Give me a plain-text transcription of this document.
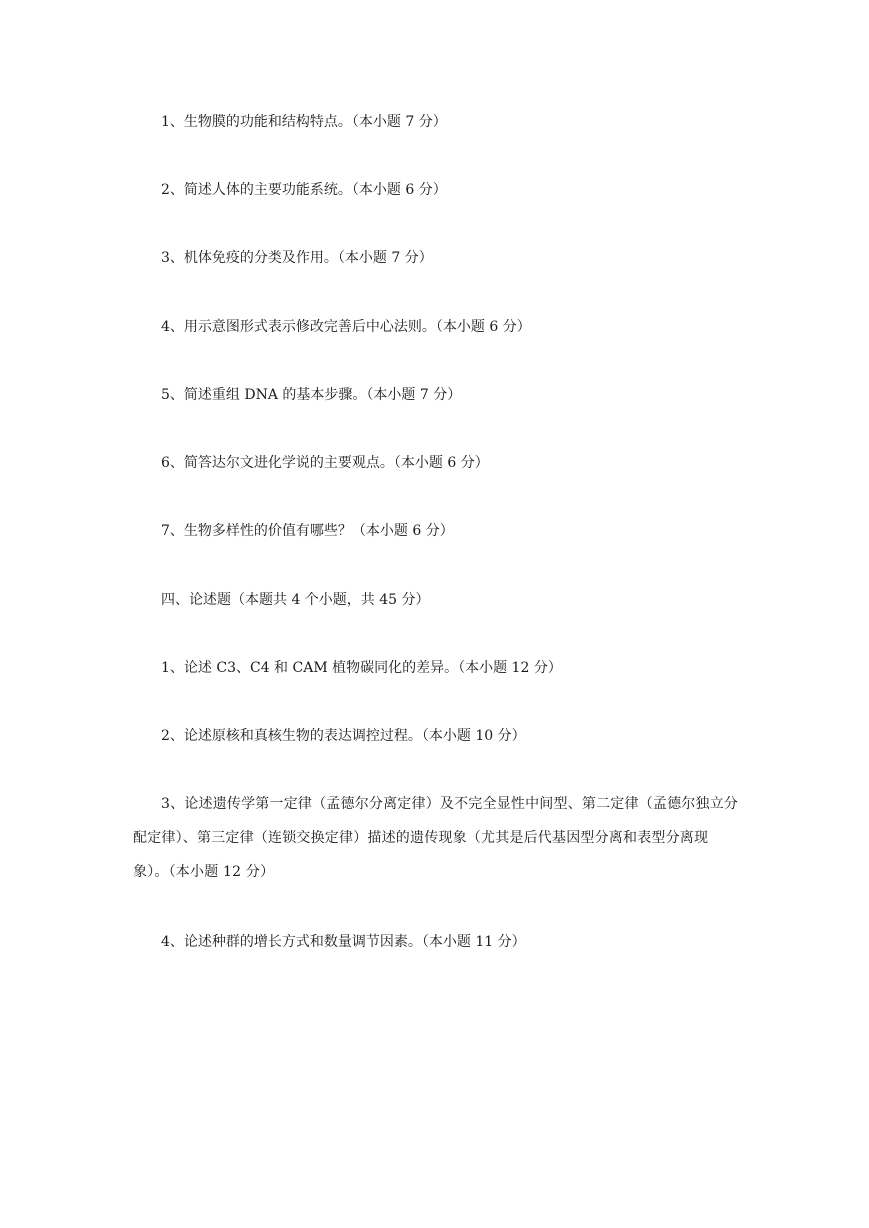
1、生物膜的功能和结构特点。（本小题 7 分）
2、简述人体的主要功能系统。（本小题 6 分）
3、机体免疫的分类及作用。（本小题 7 分）
4、用示意图形式表示修改完善后中心法则。（本小题 6 分）
5、简述重组 DNA 的基本步骤。（本小题 7 分）
6、简答达尔文进化学说的主要观点。（本小题 6 分）
7、生物多样性的价值有哪些？（本小题 6 分）
四、论述题（本题共 4 个小题，共 45 分）
1、论述 C3、C4 和 CAM 植物碳同化的差异。（本小题 12 分）
2、论述原核和真核生物的表达调控过程。（本小题 10 分）
3、论述遗传学第一定律（孟德尔分离定律）及不完全显性中间型、第二定律（孟德尔独立分配定律）、第三定律（连锁交换定律）描述的遗传现象（尤其是后代基因型分离和表型分离现象）。（本小题 12 分）
4、论述种群的增长方式和数量调节因素。（本小题 11 分）
